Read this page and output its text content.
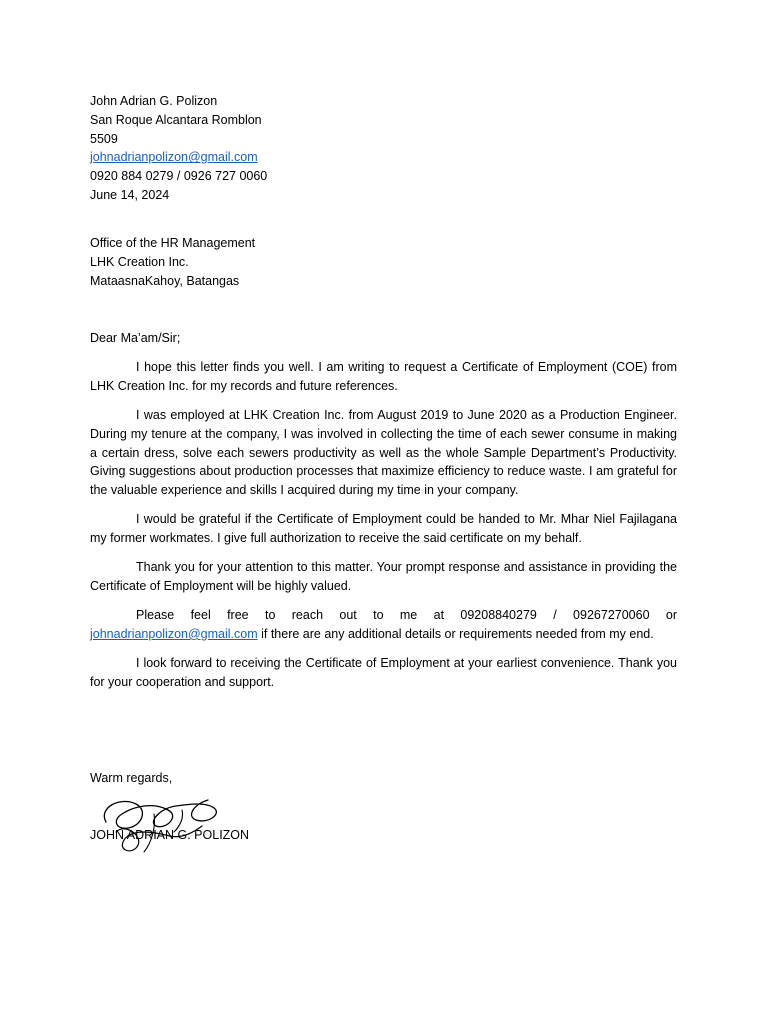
John Adrian G. Polizon
San Roque Alcantara Romblon
5509
johnadrianpolizon@gmail.com
0920 884 0279 / 0926 727 0060
June 14, 2024
Office of the HR Management
LHK Creation Inc.
MataasnaKahoy, Batangas
Dear Ma’am/Sir;

I hope this letter finds you well. I am writing to request a Certificate of Employment (COE) from LHK Creation Inc. for my records and future references.

I was employed at LHK Creation Inc. from August 2019 to June 2020 as a Production Engineer. During my tenure at the company, I was involved in collecting the time of each sewer consume in making a certain dress, solve each sewers productivity as well as the whole Sample Department’s Productivity. Giving suggestions about production processes that maximize efficiency to reduce waste. I am grateful for the valuable experience and skills I acquired during my time in your company.

I would be grateful if the Certificate of Employment could be handed to Mr. Mhar Niel Fajilagana my former workmates. I give full authorization to receive the said certificate on my behalf.

Thank you for your attention to this matter. Your prompt response and assistance in providing the Certificate of Employment will be highly valued.

Please feel free to reach out to me at 09208840279 / 09267270060 or johnadrianpolizon@gmail.com if there are any additional details or requirements needed from my end.

I look forward to receiving the Certificate of Employment at your earliest convenience. Thank you for your cooperation and support.

Warm regards,
JOHN ADRIAN G. POLIZON
